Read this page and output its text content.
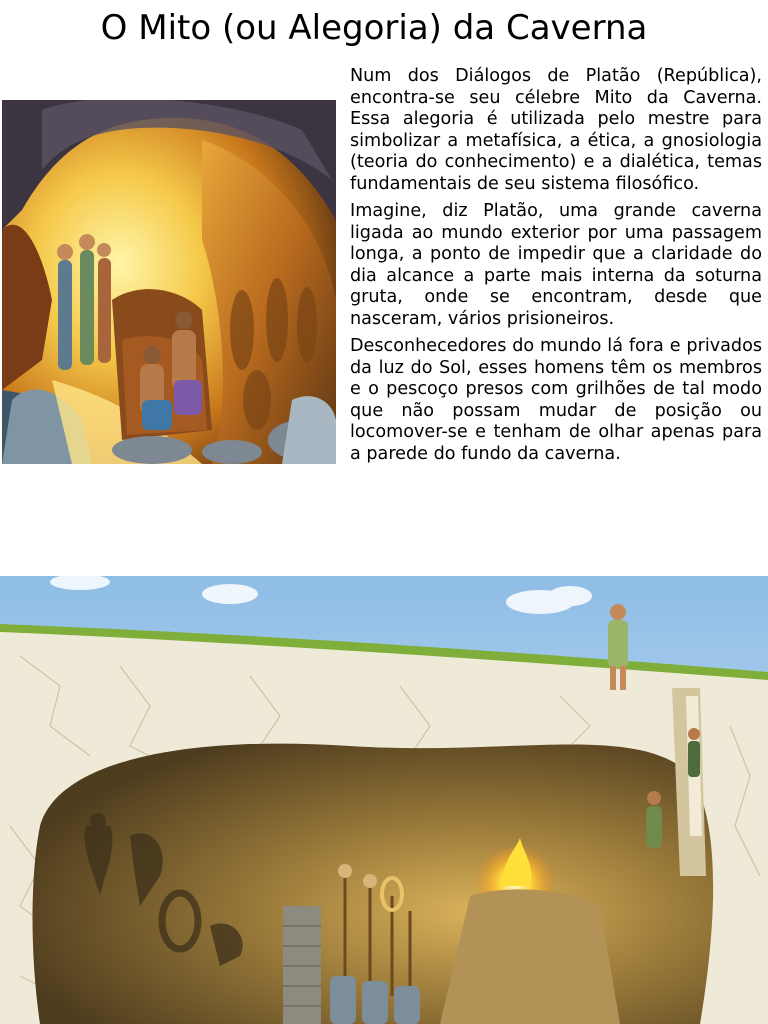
O Mito (ou Alegoria) da Caverna

Num dos Diálogos de Platão (República), encontra-se seu célebre Mito da Caverna. Essa alegoria é utilizada pelo mestre para simbolizar a metafísica, a ética, a gnosiologia (teoria do conhecimento) e a dialética, temas fundamentais de seu sistema filosófico.

Imagine, diz Platão, uma grande caverna ligada ao mundo exterior por uma passagem longa, a ponto de impedir que a claridade do dia alcance a parte mais interna da soturna gruta, onde se encontram, desde que nasceram, vários prisioneiros.

Desconhecedores do mundo lá fora e privados da luz do Sol, esses homens têm os membros e o pescoço presos com grilhões de tal modo que não possam mudar de posição ou locomover-se e tenham de olhar apenas para a parede do fundo da caverna.
